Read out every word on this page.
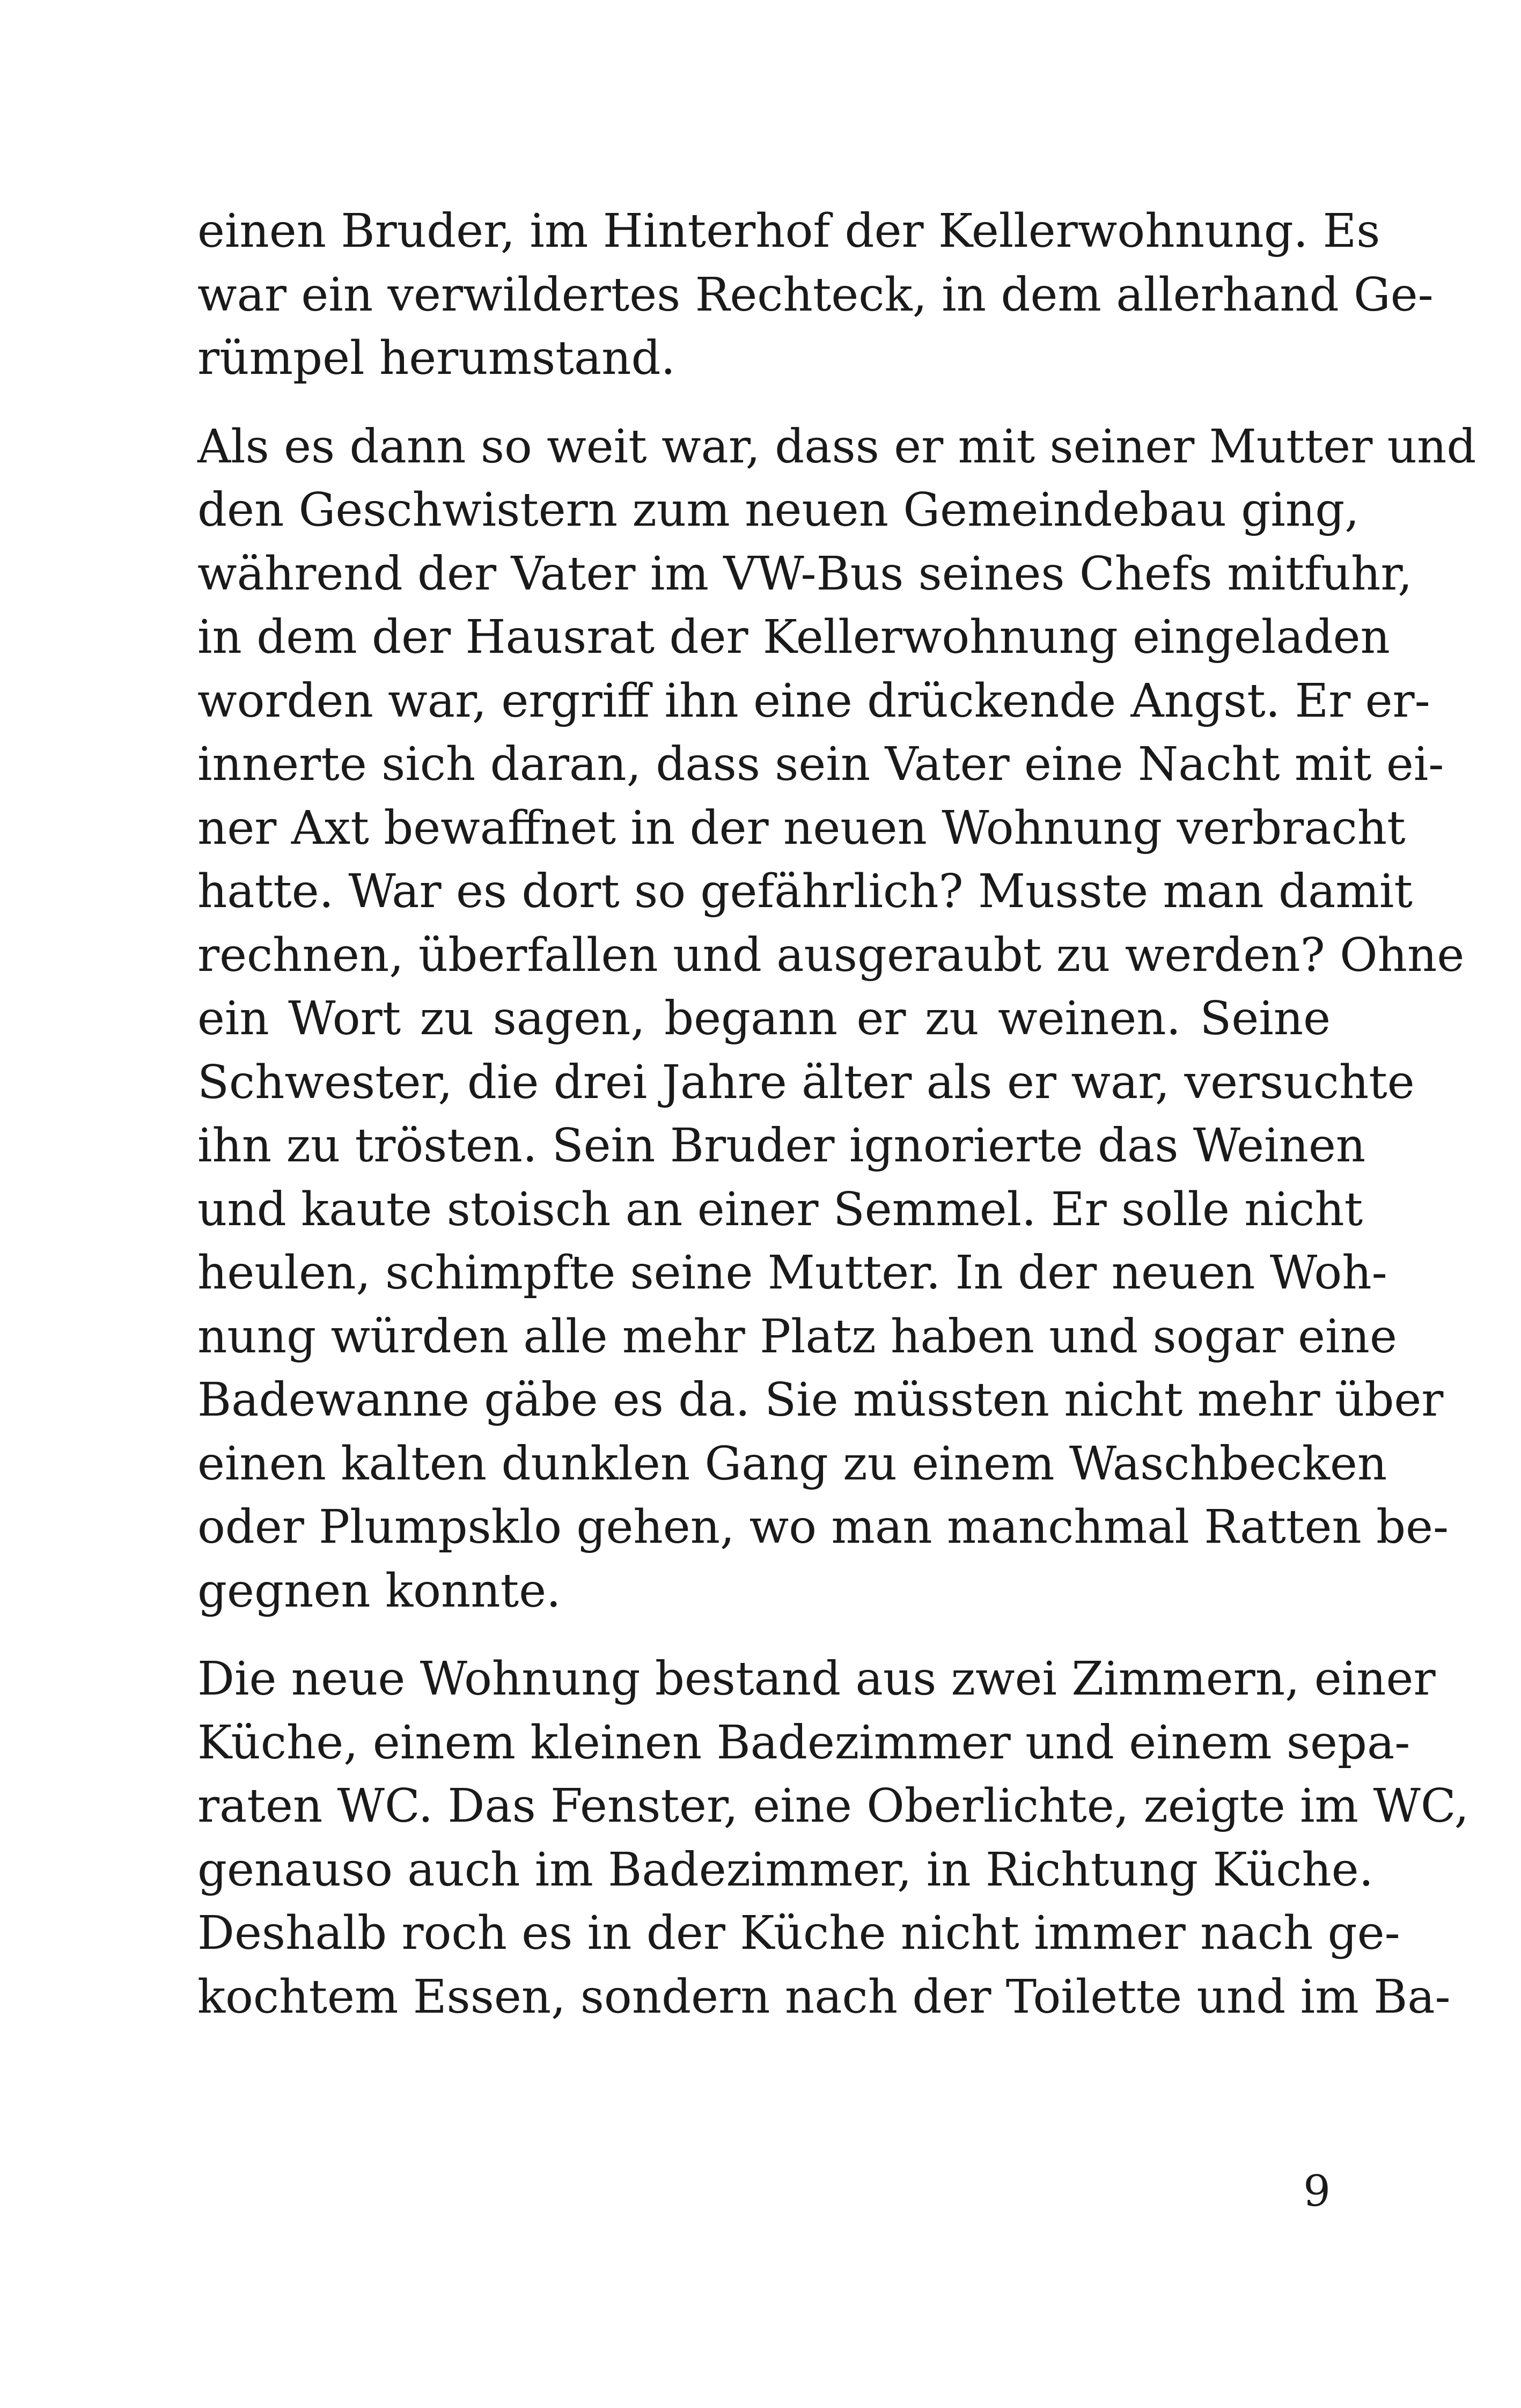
einen Bruder, im Hinterhof der Kellerwohnung. Es
war ein verwildertes Rechteck, in dem allerhand Ge-
rümpel herumstand.

Als es dann so weit war, dass er mit seiner Mutter und
den Geschwistern zum neuen Gemeindebau ging,
während der Vater im VW-Bus seines Chefs mitfuhr,
in dem der Hausrat der Kellerwohnung eingeladen
worden war, ergriff ihn eine drückende Angst. Er er-
innerte sich daran, dass sein Vater eine Nacht mit ei-
ner Axt bewaffnet in der neuen Wohnung verbracht
hatte. War es dort so gefährlich? Musste man damit
rechnen, überfallen und ausgeraubt zu werden? Ohne
ein Wort zu sagen, begann er zu weinen. Seine
Schwester, die drei Jahre älter als er war, versuchte
ihn zu trösten. Sein Bruder ignorierte das Weinen
und kaute stoisch an einer Semmel. Er solle nicht
heulen, schimpfte seine Mutter. In der neuen Woh-
nung würden alle mehr Platz haben und sogar eine
Badewanne gäbe es da. Sie müssten nicht mehr über
einen kalten dunklen Gang zu einem Waschbecken
oder Plumpsklo gehen, wo man manchmal Ratten be-
gegnen konnte.

Die neue Wohnung bestand aus zwei Zimmern, einer
Küche, einem kleinen Badezimmer und einem sepa-
raten WC. Das Fenster, eine Oberlichte, zeigte im WC,
genauso auch im Badezimmer, in Richtung Küche.
Deshalb roch es in der Küche nicht immer nach ge-
kochtem Essen, sondern nach der Toilette und im Ba-

9
